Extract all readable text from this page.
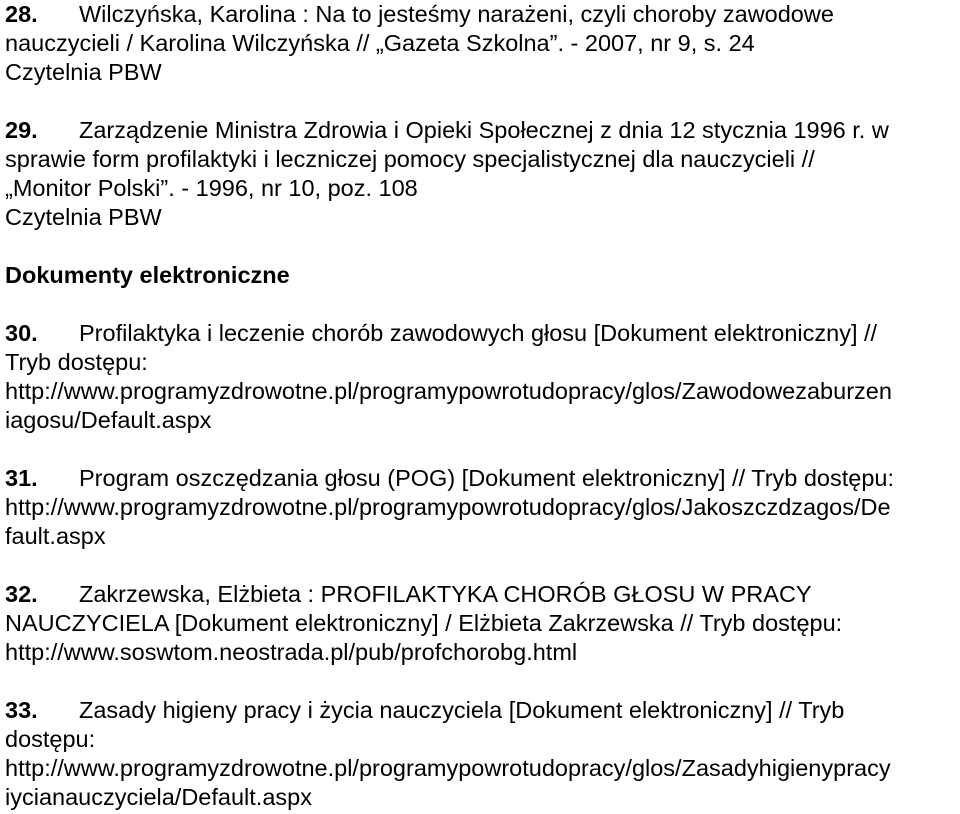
28. Wilczyńska, Karolina : Na to jesteśmy narażeni, czyli choroby zawodowe
nauczycieli / Karolina Wilczyńska // „Gazeta Szkolna”. - 2007, nr 9, s. 24
Czytelnia PBW
29. Zarządzenie Ministra Zdrowia i Opieki Społecznej z dnia 12 stycznia 1996 r. w
sprawie form profilaktyki i leczniczej pomocy specjalistycznej dla nauczycieli //
„Monitor Polski”. - 1996, nr 10, poz. 108
Czytelnia PBW
Dokumenty elektroniczne
30. Profilaktyka i leczenie chorób zawodowych głosu [Dokument elektroniczny] //
Tryb dostępu:
http://www.programyzdrowotne.pl/programypowrotudopracy/glos/Zawodowezaburzen
iagosu/Default.aspx
31. Program oszczędzania głosu (POG) [Dokument elektroniczny] // Tryb dostępu:
http://www.programyzdrowotne.pl/programypowrotudopracy/glos/Jakoszczdzagos/De
fault.aspx
32. Zakrzewska, Elżbieta : PROFILAKTYKA CHORÓB GŁOSU W PRACY
NAUCZYCIELA [Dokument elektroniczny] / Elżbieta Zakrzewska // Tryb dostępu:
http://www.soswtom.neostrada.pl/pub/profchorobg.html
33. Zasady higieny pracy i życia nauczyciela [Dokument elektroniczny] // Tryb
dostępu:
http://www.programyzdrowotne.pl/programypowrotudopracy/glos/Zasadyhigienypracy
iycianauczyciela/Default.aspx
